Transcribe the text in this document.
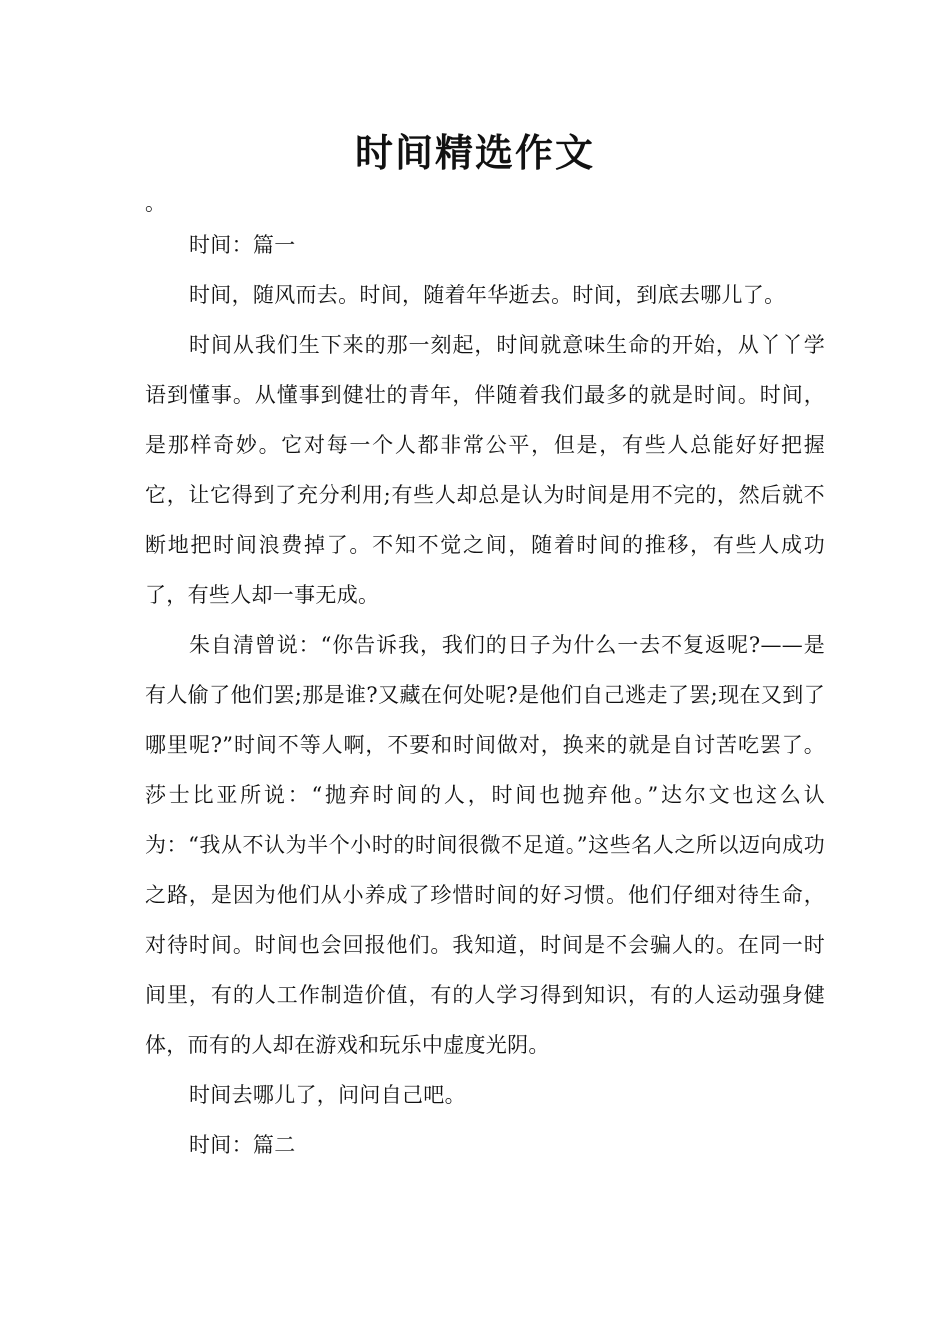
时间精选作文

。

时间：篇一

时间，随风而去。时间，随着年华逝去。时间，到底去哪儿了。

时间从我们生下来的那一刻起，时间就意味生命的开始，从丫丫学语到懂事。从懂事到健壮的青年，伴随着我们最多的就是时间。时间，是那样奇妙。它对每一个人都非常公平，但是，有些人总能好好把握它，让它得到了充分利用;有些人却总是认为时间是用不完的，然后就不断地把时间浪费掉了。不知不觉之间，随着时间的推移，有些人成功了，有些人却一事无成。

朱自清曾说：“你告诉我，我们的日子为什么一去不复返呢?——是有人偷了他们罢;那是谁?又藏在何处呢?是他们自己逃走了罢;现在又到了哪里呢?”时间不等人啊，不要和时间做对，换来的就是自讨苦吃罢了。莎士比亚所说：“抛弃时间的人，时间也抛弃他。”达尔文也这么认为：“我从不认为半个小时的时间很微不足道。”这些名人之所以迈向成功之路，是因为他们从小养成了珍惜时间的好习惯。他们仔细对待生命，对待时间。时间也会回报他们。我知道，时间是不会骗人的。在同一时间里，有的人工作制造价值，有的人学习得到知识，有的人运动强身健体，而有的人却在游戏和玩乐中虚度光阴。

时间去哪儿了，问问自己吧。

时间：篇二
